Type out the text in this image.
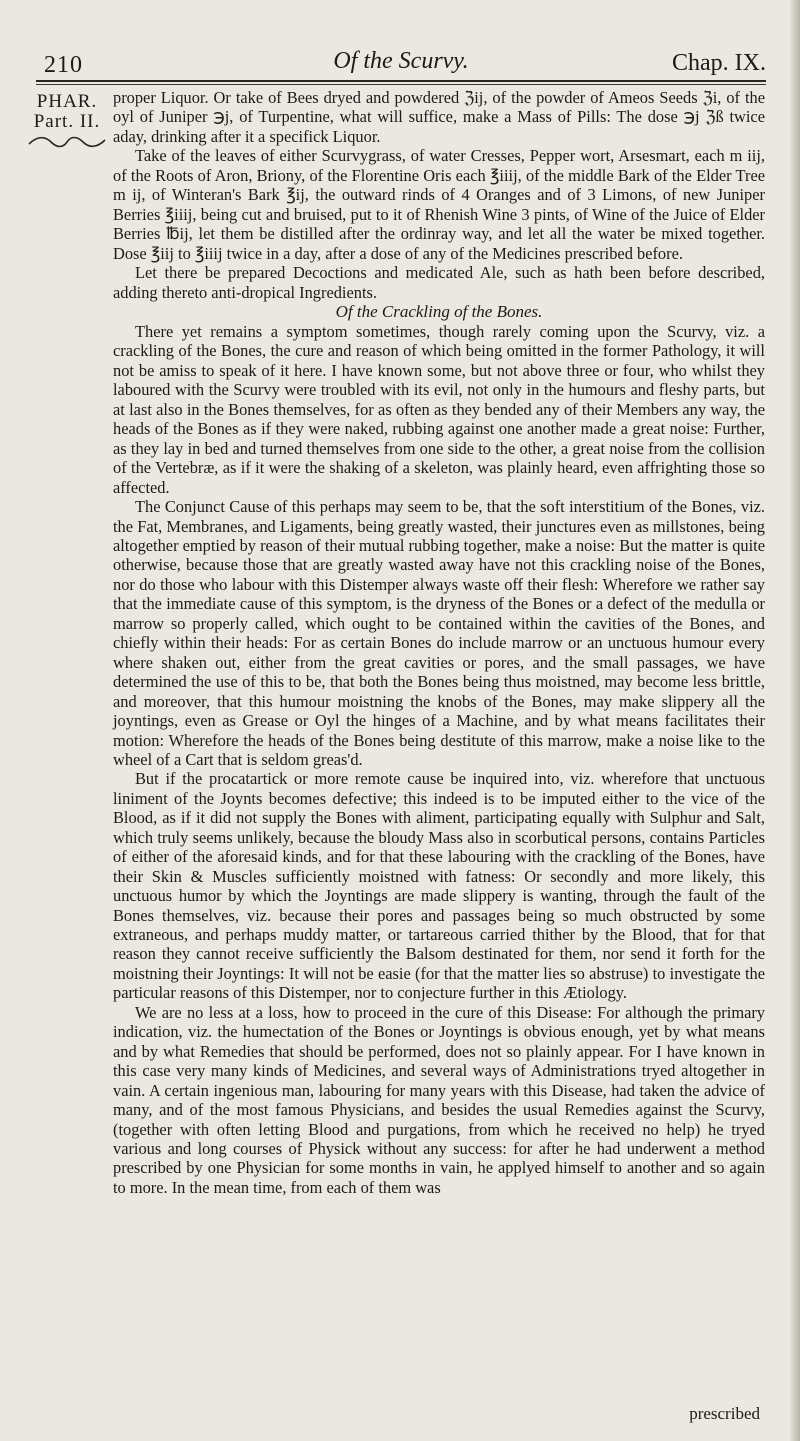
210	Of the Scurvy.	Chap. IX.
PHAR.
Part. II.

proper Liquor. Or take of Bees dryed and powdered ℨij, of the powder of Ameos Seeds ℨi, of the oyl of Juniper ℈j, of Turpentine, what will suffice, make a Mass of Pills: The dose ℈j ℨß twice aday, drinking after it a specifick Liquor.

Take of the leaves of either Scurvygrass, of water Cresses, Pepper wort, Arsesmart, each m iij, of the Roots of Aron, Briony, of the Florentine Oris each ℥iiij, of the middle Bark of the Elder Tree m ij, of Winteran's Bark ℥ij, the outward rinds of 4 Oranges and of 3 Limons, of new Juniper Berries ℥iiij, being cut and bruised, put to it of Rhenish Wine 3 pints, of Wine of the Juice of Elder Berries ℔ij, let them be distilled after the ordinray way, and let all the water be mixed together. Dose ℥iij to ℥iiij twice in a day, after a dose of any of the Medicines prescribed before.

Let there be prepared Decoctions and medicated Ale, such as hath been before described, adding thereto anti-dropical Ingredients.

Of the Crackling of the Bones.

There yet remains a symptom sometimes, though rarely coming upon the Scurvy, viz. a crackling of the Bones, the cure and reason of which being omitted in the former Pathology, it will not be amiss to speak of it here. I have known some, but not above three or four, who whilst they laboured with the Scurvy were troubled with its evil, not only in the humours and fleshy parts, but at last also in the Bones themselves, for as often as they bended any of their Members any way, the heads of the Bones as if they were naked, rubbing against one another made a great noise: Further, as they lay in bed and turned themselves from one side to the other, a great noise from the collision of the Vertebræ, as if it were the shaking of a skeleton, was plainly heard, even affrighting those so affected.

The Conjunct Cause of this perhaps may seem to be, that the soft interstitium of the Bones, viz. the Fat, Membranes, and Ligaments, being greatly wasted, their junctures even as millstones, being altogether emptied by reason of their mutual rubbing together, make a noise: But the matter is quite otherwise, because those that are greatly wasted away have not this crackling noise of the Bones, nor do those who labour with this Distemper always waste off their flesh: Wherefore we rather say that the immediate cause of this symptom, is the dryness of the Bones or a defect of the medulla or marrow so properly called, which ought to be contained within the cavities of the Bones, and chiefly within their heads: For as certain Bones do include marrow or an unctuous humour every where shaken out, either from the great cavities or pores, and the small passages, we have determined the use of this to be, that both the Bones being thus moistned, may become less brittle, and moreover, that this humour moistning the knobs of the Bones, may make slippery all the joyntings, even as Grease or Oyl the hinges of a Machine, and by what means facilitates their motion: Wherefore the heads of the Bones being destitute of this marrow, make a noise like to the wheel of a Cart that is seldom greas'd.

But if the procatartick or more remote cause be inquired into, viz. wherefore that unctuous liniment of the Joynts becomes defective; this indeed is to be imputed either to the vice of the Blood, as if it did not supply the Bones with aliment, participating equally with Sulphur and Salt, which truly seems unlikely, because the bloudy Mass also in scorbutical persons, contains Particles of either of the aforesaid kinds, and for that these labouring with the crackling of the Bones, have their Skin & Muscles sufficiently moistned with fatness: Or secondly and more likely, this unctuous humor by which the Joyntings are made slippery is wanting, through the fault of the Bones themselves, viz. because their pores and passages being so much obstructed by some extraneous, and perhaps muddy matter, or tartareous carried thither by the Blood, that for that reason they cannot receive sufficiently the Balsom destinated for them, nor send it forth for the moistning their Joyntings: It will not be easie (for that the matter lies so abstruse) to investigate the particular reasons of this Distemper, nor to conjecture further in this Ætiology.

We are no less at a loss, how to proceed in the cure of this Disease: For although the primary indication, viz. the humectation of the Bones or Joyntings is obvious enough, yet by what means and by what Remedies that should be performed, does not so plainly appear. For I have known in this case very many kinds of Medicines, and several ways of Administrations tryed altogether in vain. A certain ingenious man, labouring for many years with this Disease, had taken the advice of many, and of the most famous Physicians, and besides the usual Remedies against the Scurvy, (together with often letting Blood and purgations, from which he received no help) he tryed various and long courses of Physick without any success: for after he had underwent a method prescribed by one Physician for some months in vain, he applyed himself to another and so again to more. In the mean time, from each of them was

prescribed
